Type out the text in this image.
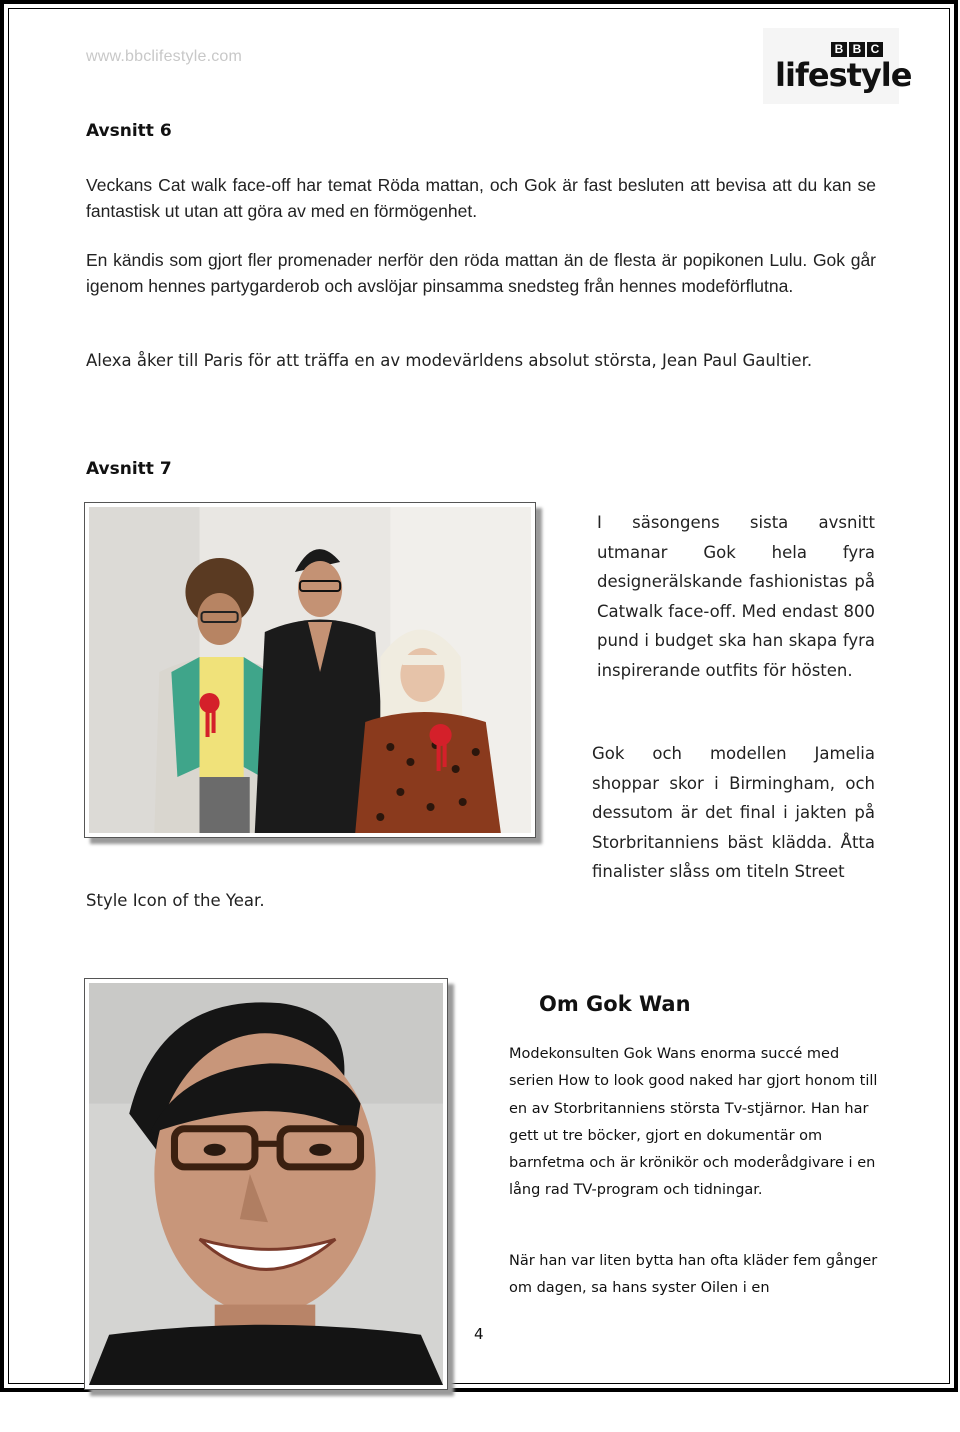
www.bbclifestyle.com	B B C
lifestyle
Avsnitt 6
Veckans Cat walk face-off har temat Röda mattan, och Gok är fast besluten att bevisa att du kan se fantastisk ut utan att göra av med en förmögenhet.
En kändis som gjort fler promenader nerför den röda mattan än de flesta är popikonen Lulu. Gok går igenom hennes partygarderob och avslöjar pinsamma snedsteg från hennes modeförflutna.
Alexa åker till Paris för att träffa en av modevärldens absolut största, Jean Paul Gaultier.
Avsnitt 7
I säsongens sista avsnitt utmanar Gok hela fyra designerälskande fashionistas på Catwalk face-off. Med endast 800 pund i budget ska han skapa fyra inspirerande outfits för hösten.
Gok och modellen Jamelia shoppar skor i Birmingham, och dessutom är det final i jakten på Storbritanniens bäst klädda. Åtta finalister slåss om titeln Street
Style Icon of the Year.
Om Gok Wan
Modekonsulten Gok Wans enorma succé med serien How to look good naked har gjort honom till en av Storbritanniens största Tv-stjärnor. Han har gett ut tre böcker, gjort en dokumentär om barnfetma och är krönikör och moderådgivare i en lång rad TV-program och tidningar.
När han var liten bytta han ofta kläder fem gånger om dagen, sa hans syster Oilen i en
4
